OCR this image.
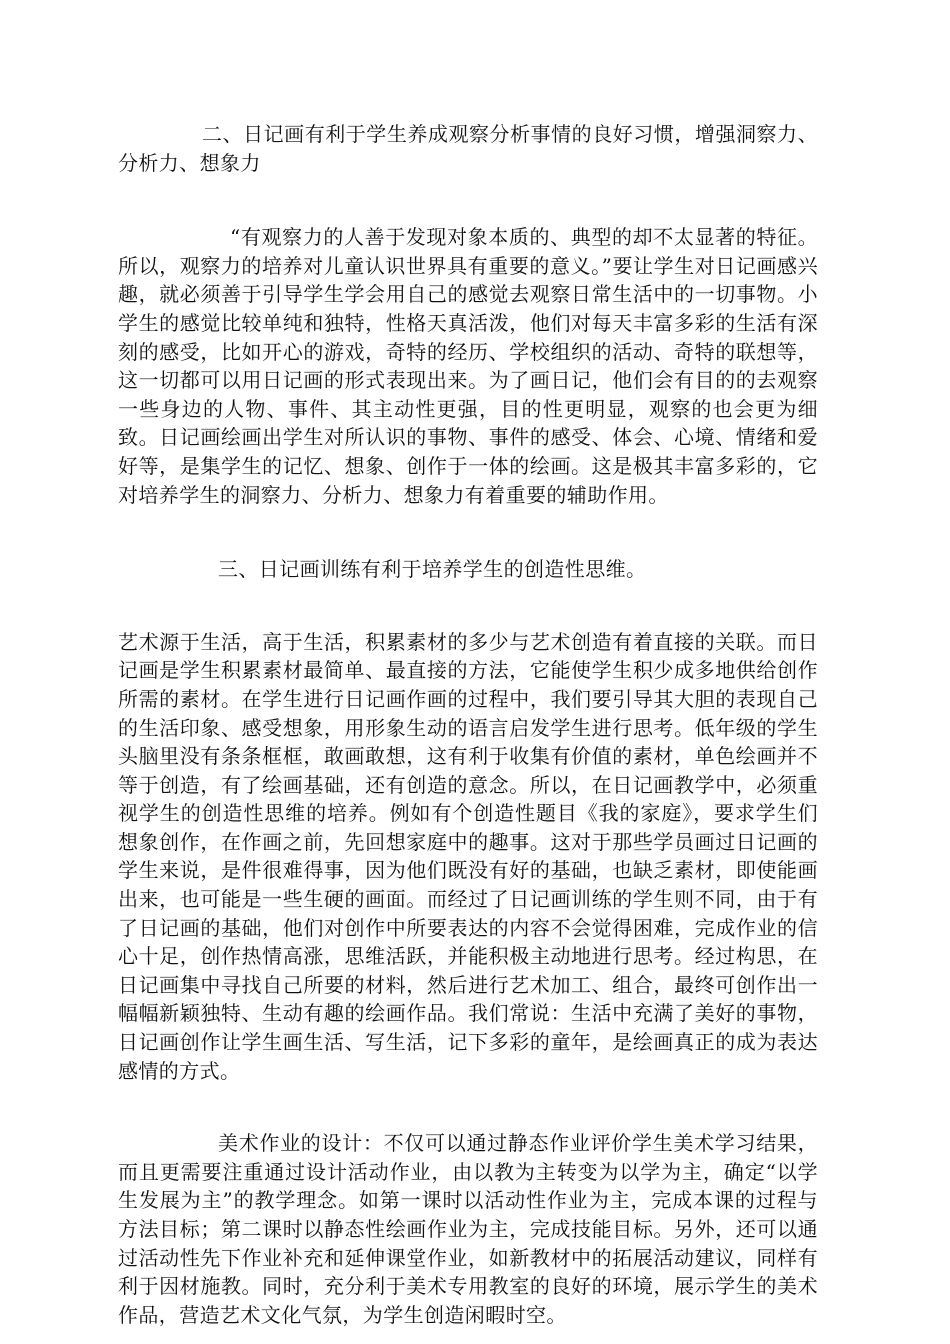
二、日记画有利于学生养成观察分析事情的良好习惯，增强洞察力、分析力、想象力

“有观察力的人善于发现对象本质的、典型的却不太显著的特征。所以，观察力的培养对儿童认识世界具有重要的意义。”要让学生对日记画感兴趣，就必须善于引导学生学会用自己的感觉去观察日常生活中的一切事物。小学生的感觉比较单纯和独特，性格天真活泼，他们对每天丰富多彩的生活有深刻的感受，比如开心的游戏，奇特的经历、学校组织的活动、奇特的联想等，这一切都可以用日记画的形式表现出来。为了画日记，他们会有目的的去观察一些身边的人物、事件、其主动性更强，目的性更明显，观察的也会更为细致。日记画绘画出学生对所认识的事物、事件的感受、体会、心境、情绪和爱好等，是集学生的记忆、想象、创作于一体的绘画。这是极其丰富多彩的，它对培养学生的洞察力、分析力、想象力有着重要的辅助作用。

三、日记画训练有利于培养学生的创造性思维。

艺术源于生活，高于生活，积累素材的多少与艺术创造有着直接的关联。而日记画是学生积累素材最简单、最直接的方法，它能使学生积少成多地供给创作所需的素材。在学生进行日记画作画的过程中，我们要引导其大胆的表现自己的生活印象、感受想象，用形象生动的语言启发学生进行思考。低年级的学生头脑里没有条条框框，敢画敢想，这有利于收集有价值的素材，单色绘画并不等于创造，有了绘画基础，还有创造的意念。所以，在日记画教学中，必须重视学生的创造性思维的培养。例如有个创造性题目《我的家庭》，要求学生们想象创作，在作画之前，先回想家庭中的趣事。这对于那些学员画过日记画的学生来说，是件很难得事，因为他们既没有好的基础，也缺乏素材，即使能画出来，也可能是一些生硬的画面。而经过了日记画训练的学生则不同，由于有了日记画的基础，他们对创作中所要表达的内容不会觉得困难，完成作业的信心十足，创作热情高涨，思维活跃，并能积极主动地进行思考。经过构思，在日记画集中寻找自己所要的材料，然后进行艺术加工、组合，最终可创作出一幅幅新颖独特、生动有趣的绘画作品。我们常说：生活中充满了美好的事物，日记画创作让学生画生活、写生活，记下多彩的童年，是绘画真正的成为表达感情的方式。

美术作业的设计：不仅可以通过静态作业评价学生美术学习结果，而且更需要注重通过设计活动作业，由以教为主转变为以学为主，确定“以学生发展为主”的教学理念。如第一课时以活动性作业为主，完成本课的过程与方法目标；第二课时以静态性绘画作业为主，完成技能目标。另外，还可以通过活动性先下作业补充和延伸课堂作业，如新教材中的拓展活动建议，同样有利于因材施教。同时，充分利于美术专用教室的良好的环境，展示学生的美术作品，营造艺术文化气氛，为学生创造闲暇时空。
